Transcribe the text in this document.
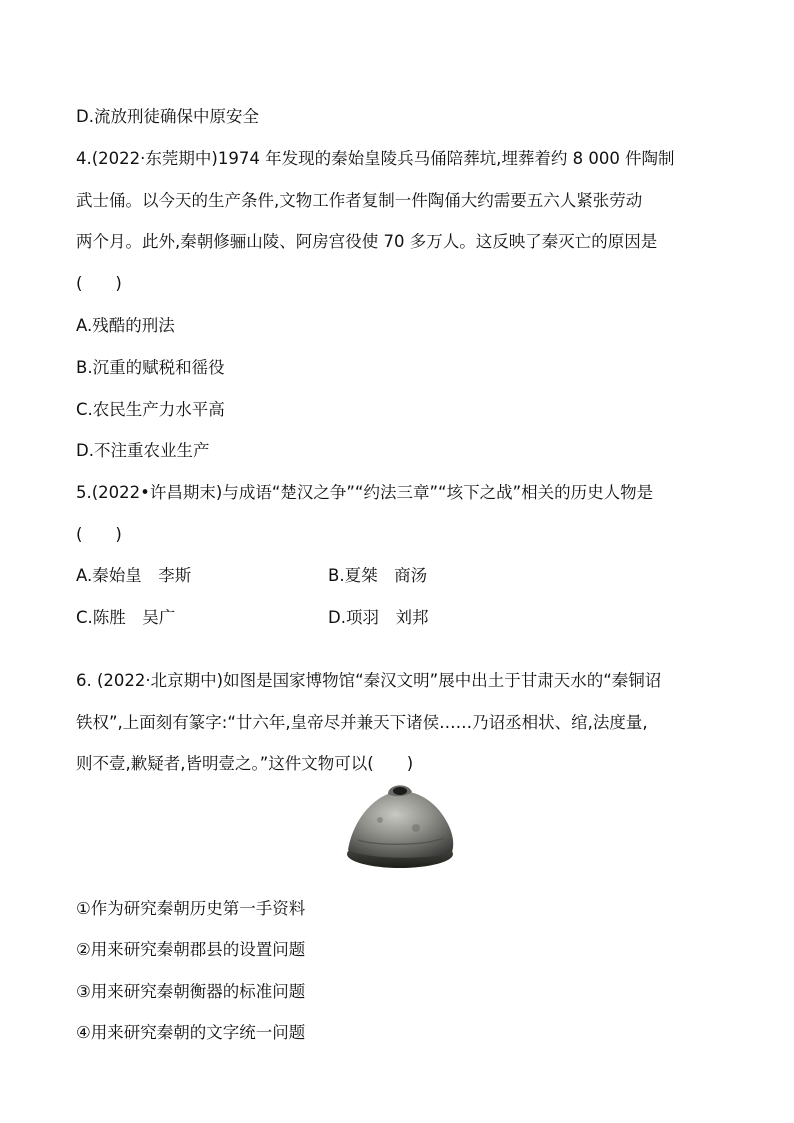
D.流放刑徒确保中原安全
4.(2022·东莞期中)1974 年发现的秦始皇陵兵马俑陪葬坑,埋葬着约 8 000 件陶制
武士俑。以今天的生产条件,文物工作者复制一件陶俑大约需要五六人紧张劳动
两个月。此外,秦朝修骊山陵、阿房宫役使 70 多万人。这反映了秦灭亡的原因是
(　　)
A.残酷的刑法
B.沉重的赋税和徭役
C.农民生产力水平高
D.不注重农业生产
5.(2022•许昌期末)与成语“楚汉之争”“约法三章”“垓下之战”相关的历史人物是
(　　)
A.秦始皇　李斯	B.夏桀　商汤
C.陈胜　吴广	D.项羽　刘邦
6. (2022·北京期中)如图是国家博物馆“秦汉文明”展中出土于甘肃天水的“秦铜诏
铁权”,上面刻有篆字:“廿六年,皇帝尽并兼天下诸侯……乃诏丞相状、绾,法度量,
则不壹,歉疑者,皆明壹之。”这件文物可以(　　)
①作为研究秦朝历史第一手资料
②用来研究秦朝郡县的设置问题
③用来研究秦朝衡器的标准问题
④用来研究秦朝的文字统一问题
